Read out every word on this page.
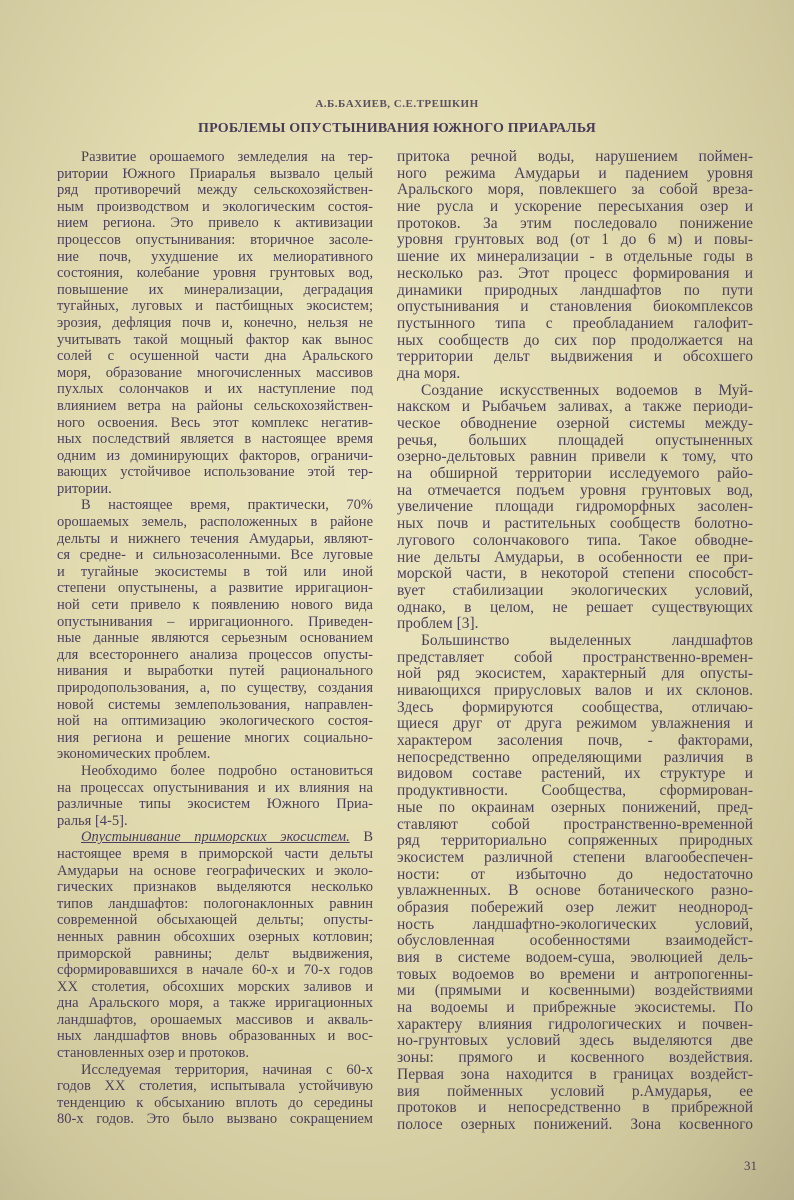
А.Б.БАХИЕВ, С.Е.ТРЕШКИН
ПРОБЛЕМЫ ОПУСТЫНИВАНИЯ ЮЖНОГО ПРИАРАЛЬЯ
Развитие орошаемого земледелия на тер-
ритории Южного Приаралья вызвало целый
ряд противоречий между сельскохозяйствен-
ным производством и экологическим состоя-
нием региона. Это привело к активизации
процессов опустынивания: вторичное засоле-
ние почв, ухудшение их мелиоративного
состояния, колебание уровня грунтовых вод,
повышение их минерализации, деградация
тугайных, луговых и пастбищных экосистем;
эрозия, дефляция почв и, конечно, нельзя не
учитывать такой мощный фактор как вынос
солей с осушенной части дна Аральского
моря, образование многочисленных массивов
пухлых солончаков и их наступление под
влиянием ветра на районы сельскохозяйствен-
ного освоения. Весь этот комплекс негатив-
ных последствий является в настоящее время
одним из доминирующих факторов, ограничи-
вающих устойчивое использование этой тер-
ритории.
В настоящее время, практически, 70%
орошаемых земель, расположенных в районе
дельты и нижнего течения Амударьи, являют-
ся средне- и сильнозасоленными. Все луговые
и тугайные экосистемы в той или иной
степени опустынены, а развитие ирригацион-
ной сети привело к появлению нового вида
опустынивания – ирригационного. Приведен-
ные данные являются серьезным основанием
для всестороннего анализа процессов опусты-
нивания и выработки путей рационального
природопользования, а, по существу, создания
новой системы землепользования, направлен-
ной на оптимизацию экологического состоя-
ния региона и решение многих социально-
экономических проблем.
Необходимо более подробно остановиться
на процессах опустынивания и их влияния на
различные типы экосистем Южного Приа-
ралья [4-5].
Опустынивание приморских экосистем. В
настоящее время в приморской части дельты
Амударьи на основе географических и эколо-
гических признаков выделяются несколько
типов ландшафтов: пологонаклонных равнин
современной обсыхающей дельты; опусты-
ненных равнин обсохших озерных котловин;
приморской равнины; дельт выдвижения,
сформировавшихся в начале 60-х и 70-х годов
XX столетия, обсохших морских заливов и
дна Аральского моря, а также ирригационных
ландшафтов, орошаемых массивов и акваль-
ных ландшафтов вновь образованных и вос-
становленных озер и протоков.
Исследуемая территория, начиная с 60-х
годов XX столетия, испытывала устойчивую
тенденцию к обсыханию вплоть до середины
80-х годов. Это было вызвано сокращением
притока речной воды, нарушением поймен-
ного режима Амударьи и падением уровня
Аральского моря, повлекшего за собой вреза-
ние русла и ускорение пересыхания озер и
протоков. За этим последовало понижение
уровня грунтовых вод (от 1 до 6 м) и повы-
шение их минерализации - в отдельные годы в
несколько раз. Этот процесс формирования и
динамики природных ландшафтов по пути
опустынивания и становления биокомплексов
пустынного типа с преобладанием галофит-
ных сообществ до сих пор продолжается на
территории дельт выдвижения и обсохшего
дна моря.
Создание искусственных водоемов в Муй-
накском и Рыбачьем заливах, а также периоди-
ческое обводнение озерной системы между-
речья, больших площадей опустыненных
озерно-дельтовых равнин привели к тому, что
на обширной территории исследуемого райо-
на отмечается подъем уровня грунтовых вод,
увеличение площади гидроморфных засолен-
ных почв и растительных сообществ болотно-
лугового солончакового типа. Такое обводне-
ние дельты Амударьи, в особенности ее при-
морской части, в некоторой степени способст-
вует стабилизации экологических условий,
однако, в целом, не решает существующих
проблем [3].
Большинство выделенных ландшафтов
представляет собой пространственно-времен-
ной ряд экосистем, характерный для опусты-
нивающихся прирусловых валов и их склонов.
Здесь формируются сообщества, отличаю-
щиеся друг от друга режимом увлажнения и
характером засоления почв, - факторами,
непосредственно определяющими различия в
видовом составе растений, их структуре и
продуктивности. Сообщества, сформирован-
ные по окраинам озерных понижений, пред-
ставляют собой пространственно-временной
ряд территориально сопряженных природных
экосистем различной степени влагообеспечен-
ности: от избыточно до недостаточно
увлажненных. В основе ботанического разно-
образия побережий озер лежит неоднород-
ность ландшафтно-экологических условий,
обусловленная особенностями взаимодейст-
вия в системе водоем-суша, эволюцией дель-
товых водоемов во времени и антропогенны-
ми (прямыми и косвенными) воздействиями
на водоемы и прибрежные экосистемы. По
характеру влияния гидрологических и почвен-
но-грунтовых условий здесь выделяются две
зоны: прямого и косвенного воздействия.
Первая зона находится в границах воздейст-
вия пойменных условий р.Амударья, ее
протоков и непосредственно в прибрежной
полосе озерных понижений. Зона косвенного
31
